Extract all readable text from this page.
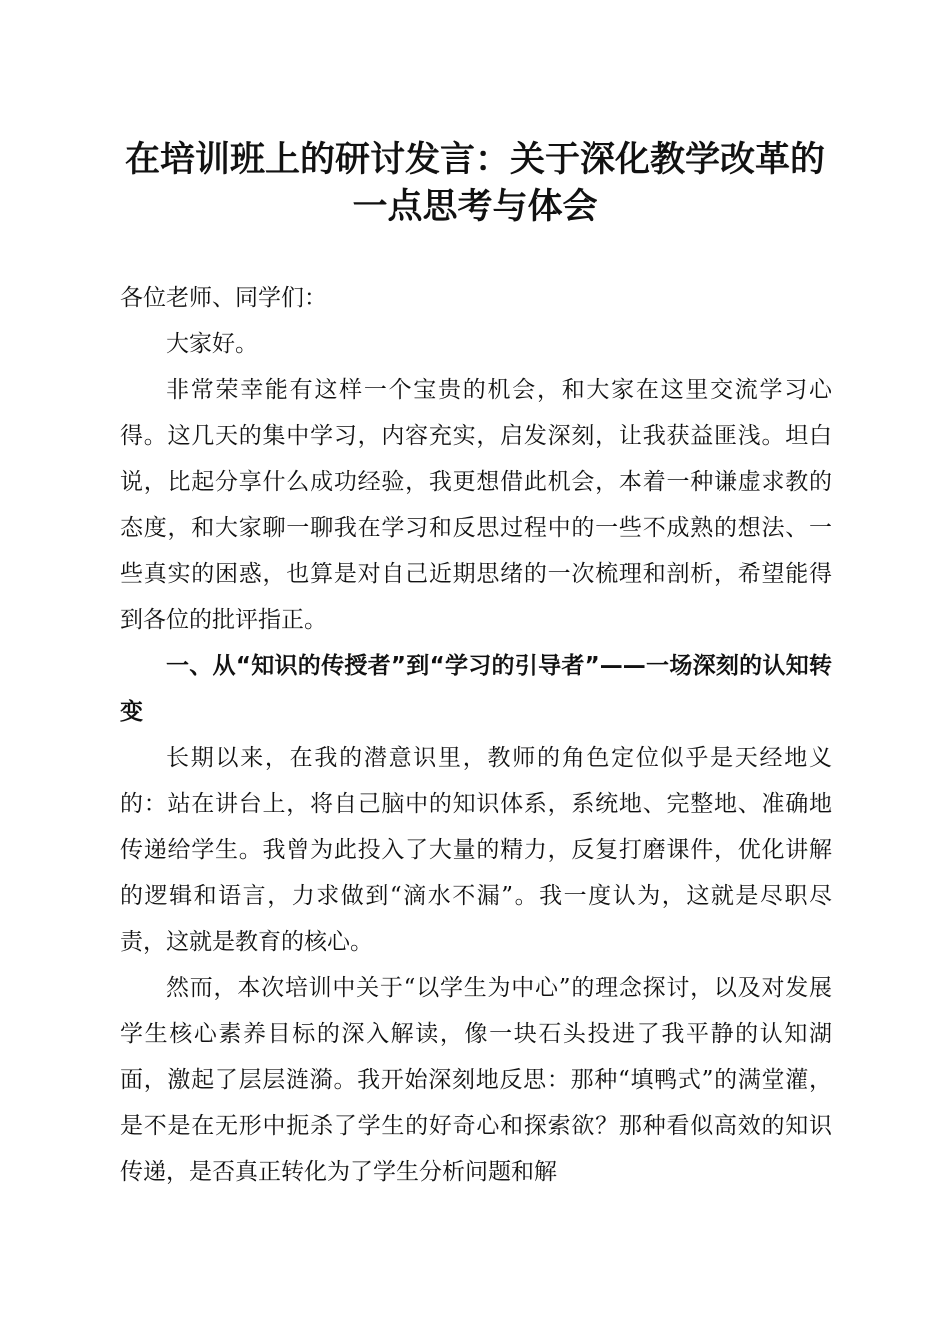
在培训班上的研讨发言：关于深化教学改革的
一点思考与体会

各位老师、同学们：

大家好。

非常荣幸能有这样一个宝贵的机会，和大家在这里交流学习心得。这几天的集中学习，内容充实，启发深刻，让我获益匪浅。坦白说，比起分享什么成功经验，我更想借此机会，本着一种谦虚求教的态度，和大家聊一聊我在学习和反思过程中的一些不成熟的想法、一些真实的困惑，也算是对自己近期思绪的一次梳理和剖析，希望能得到各位的批评指正。

一、从“知识的传授者”到“学习的引导者”——一场深刻的认知转变

长期以来，在我的潜意识里，教师的角色定位似乎是天经地义的：站在讲台上，将自己脑中的知识体系，系统地、完整地、准确地传递给学生。我曾为此投入了大量的精力，反复打磨课件，优化讲解的逻辑和语言，力求做到“滴水不漏”。我一度认为，这就是尽职尽责，这就是教育的核心。

然而，本次培训中关于“以学生为中心”的理念探讨，以及对发展学生核心素养目标的深入解读，像一块石头投进了我平静的认知湖面，激起了层层涟漪。我开始深刻地反思：那种“填鸭式”的满堂灌，是不是在无形中扼杀了学生的好奇心和探索欲？那种看似高效的知识传递，是否真正转化为了学生分析问题和解
